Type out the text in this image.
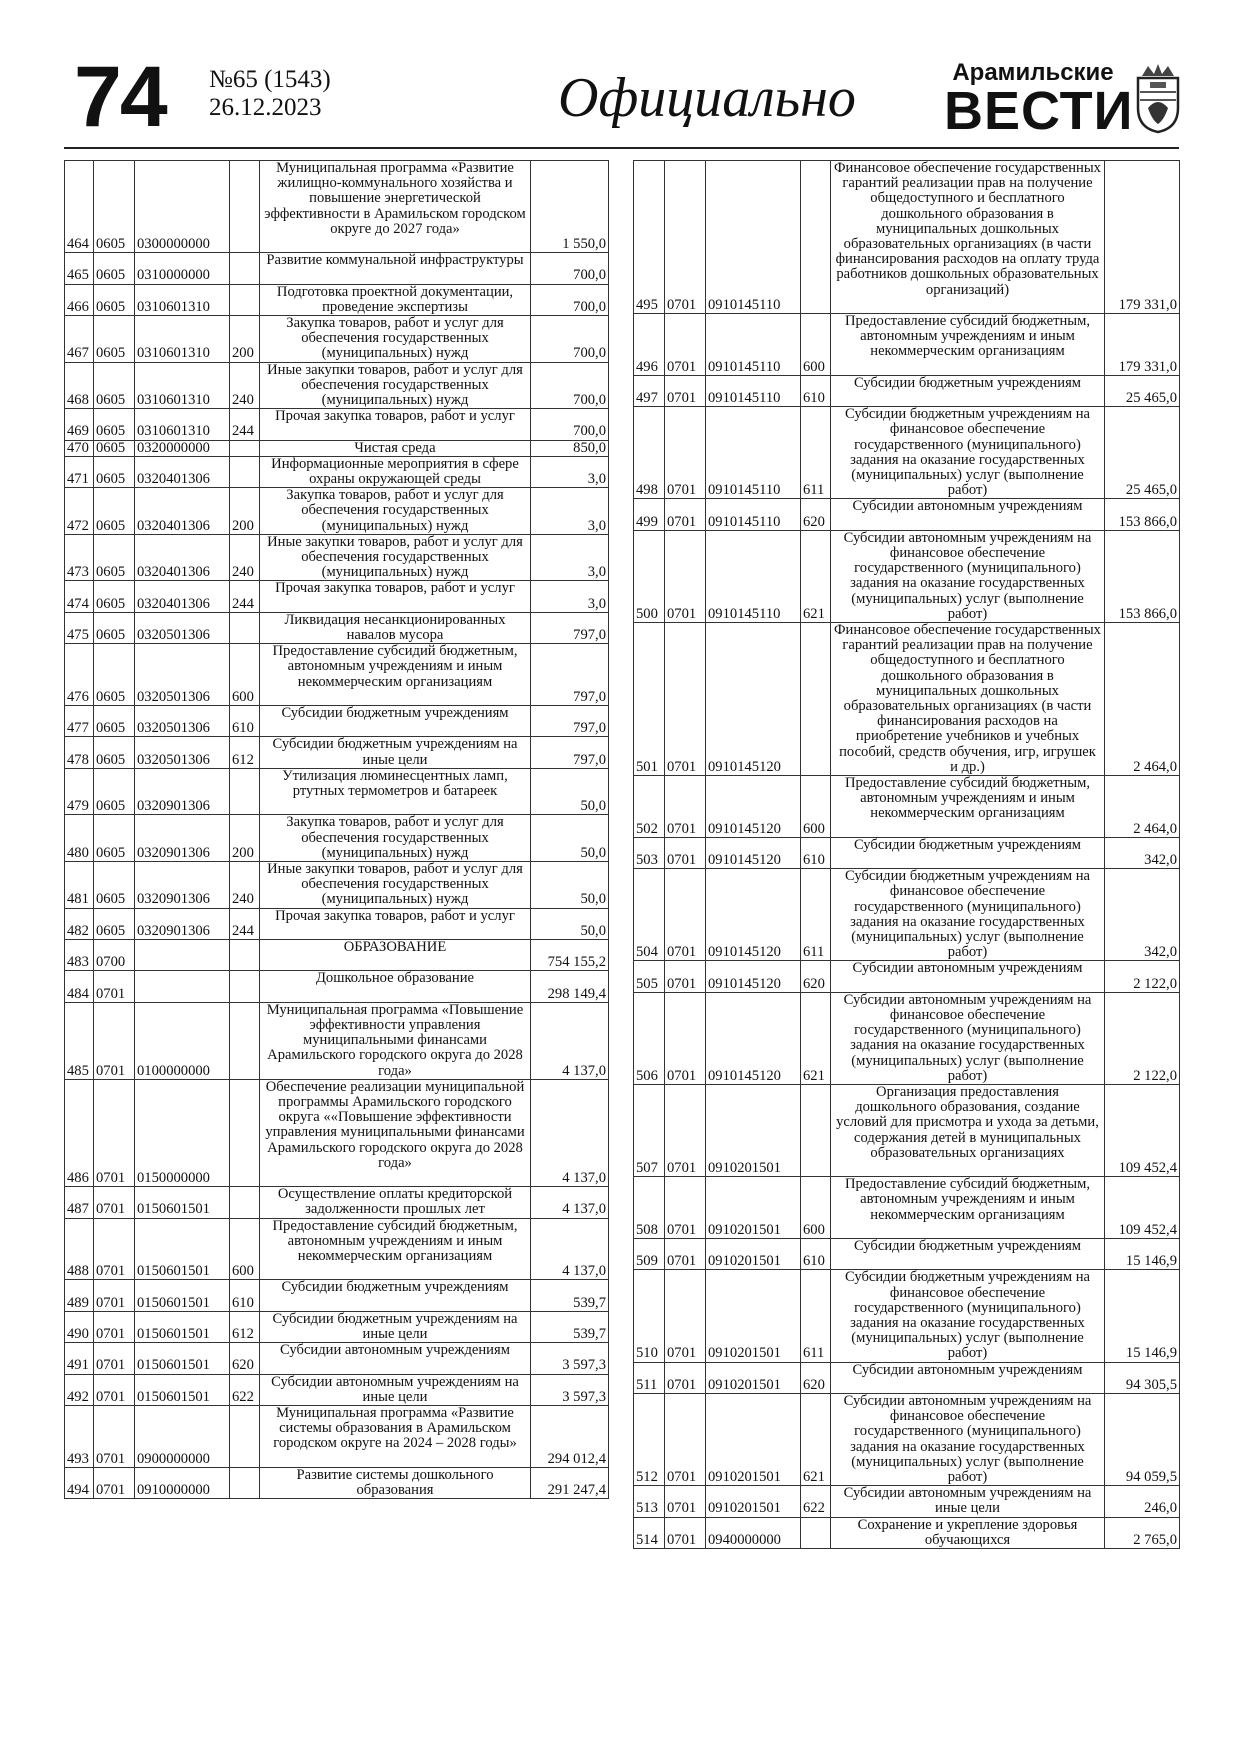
74 №65 (1543)
26.12.2023	Официально	Арамильские
ВЕСТИ
464	0605	0300000000		Муниципальная программа «Развитие жилищно-коммунального хозяйства и повышение энергетической эффективности в Арамильском городском округе до 2027 года»	1 550,0
465	0605	0310000000		Развитие коммунальной инфраструктуры	700,0
466	0605	0310601310		Подготовка проектной документации, проведение экспертизы	700,0
467	0605	0310601310	200	Закупка товаров, работ и услуг для обеспечения государственных (муниципальных) нужд	700,0
468	0605	0310601310	240	Иные закупки товаров, работ и услуг для обеспечения государственных (муниципальных) нужд	700,0
469	0605	0310601310	244	Прочая закупка товаров, работ и услуг	700,0
470	0605	0320000000		Чистая среда	850,0
471	0605	0320401306		Информационные мероприятия в сфере охраны окружающей среды	3,0
472	0605	0320401306	200	Закупка товаров, работ и услуг для обеспечения государственных (муниципальных) нужд	3,0
473	0605	0320401306	240	Иные закупки товаров, работ и услуг для обеспечения государственных (муниципальных) нужд	3,0
474	0605	0320401306	244	Прочая закупка товаров, работ и услуг	3,0
475	0605	0320501306		Ликвидация несанкционированных навалов мусора	797,0
476	0605	0320501306	600	Предоставление субсидий бюджетным, автономным учреждениям и иным некоммерческим организациям	797,0
477	0605	0320501306	610	Субсидии бюджетным учреждениям	797,0
478	0605	0320501306	612	Субсидии бюджетным учреждениям на иные цели	797,0
479	0605	0320901306		Утилизация люминесцентных ламп, ртутных термометров и батареек	50,0
480	0605	0320901306	200	Закупка товаров, работ и услуг для обеспечения государственных (муниципальных) нужд	50,0
481	0605	0320901306	240	Иные закупки товаров, работ и услуг для обеспечения государственных (муниципальных) нужд	50,0
482	0605	0320901306	244	Прочая закупка товаров, работ и услуг	50,0
483	0700			ОБРАЗОВАНИЕ	754 155,2
484	0701			Дошкольное образование	298 149,4
485	0701	0100000000		Муниципальная программа «Повышение эффективности управления муниципальными финансами Арамильского городского округа до 2028 года»	4 137,0
486	0701	0150000000		Обеспечение реализации муниципальной программы Арамильского городского округа ««Повышение эффективности управления муниципальными финансами Арамильского городского округа до 2028 года»	4 137,0
487	0701	0150601501		Осуществление оплаты кредиторской задолженности прошлых лет	4 137,0
488	0701	0150601501	600	Предоставление субсидий бюджетным, автономным учреждениям и иным некоммерческим организациям	4 137,0
489	0701	0150601501	610	Субсидии бюджетным учреждениям	539,7
490	0701	0150601501	612	Субсидии бюджетным учреждениям на иные цели	539,7
491	0701	0150601501	620	Субсидии автономным учреждениям	3 597,3
492	0701	0150601501	622	Субсидии автономным учреждениям на иные цели	3 597,3
493	0701	0900000000		Муниципальная программа «Развитие системы образования в Арамильском городском округе на 2024 – 2028 годы»	294 012,4
494	0701	0910000000		Развитие системы дошкольного образования	291 247,4
495	0701	0910145110		Финансовое обеспечение государственных гарантий реализации прав на получение общедоступного и бесплатного дошкольного образования в муниципальных дошкольных образовательных организациях (в части финансирования расходов на оплату труда работников дошкольных образовательных организаций)	179 331,0
496	0701	0910145110	600	Предоставление субсидий бюджетным, автономным учреждениям и иным некоммерческим организациям	179 331,0
497	0701	0910145110	610	Субсидии бюджетным учреждениям	25 465,0
498	0701	0910145110	611	Субсидии бюджетным учреждениям на финансовое обеспечение государственного (муниципального) задания на оказание государственных (муниципальных) услуг (выполнение работ)	25 465,0
499	0701	0910145110	620	Субсидии автономным учреждениям	153 866,0
500	0701	0910145110	621	Субсидии автономным учреждениям на финансовое обеспечение государственного (муниципального) задания на оказание государственных (муниципальных) услуг (выполнение работ)	153 866,0
501	0701	0910145120		Финансовое обеспечение государственных гарантий реализации прав на получение общедоступного и бесплатного дошкольного образования в муниципальных дошкольных образовательных организациях (в части финансирования расходов на приобретение учебников и учебных пособий, средств обучения, игр, игрушек и др.)	2 464,0
502	0701	0910145120	600	Предоставление субсидий бюджетным, автономным учреждениям и иным некоммерческим организациям	2 464,0
503	0701	0910145120	610	Субсидии бюджетным учреждениям	342,0
504	0701	0910145120	611	Субсидии бюджетным учреждениям на финансовое обеспечение государственного (муниципального) задания на оказание государственных (муниципальных) услуг (выполнение работ)	342,0
505	0701	0910145120	620	Субсидии автономным учреждениям	2 122,0
506	0701	0910145120	621	Субсидии автономным учреждениям на финансовое обеспечение государственного (муниципального) задания на оказание государственных (муниципальных) услуг (выполнение работ)	2 122,0
507	0701	0910201501		Организация предоставления дошкольного образования, создание условий для присмотра и ухода за детьми, содержания детей в муниципальных образовательных организациях	109 452,4
508	0701	0910201501	600	Предоставление субсидий бюджетным, автономным учреждениям и иным некоммерческим организациям	109 452,4
509	0701	0910201501	610	Субсидии бюджетным учреждениям	15 146,9
510	0701	0910201501	611	Субсидии бюджетным учреждениям на финансовое обеспечение государственного (муниципального) задания на оказание государственных (муниципальных) услуг (выполнение работ)	15 146,9
511	0701	0910201501	620	Субсидии автономным учреждениям	94 305,5
512	0701	0910201501	621	Субсидии автономным учреждениям на финансовое обеспечение государственного (муниципального) задания на оказание государственных (муниципальных) услуг (выполнение работ)	94 059,5
513	0701	0910201501	622	Субсидии автономным учреждениям на иные цели	246,0
514	0701	0940000000		Сохранение и укрепление здоровья обучающихся	2 765,0
